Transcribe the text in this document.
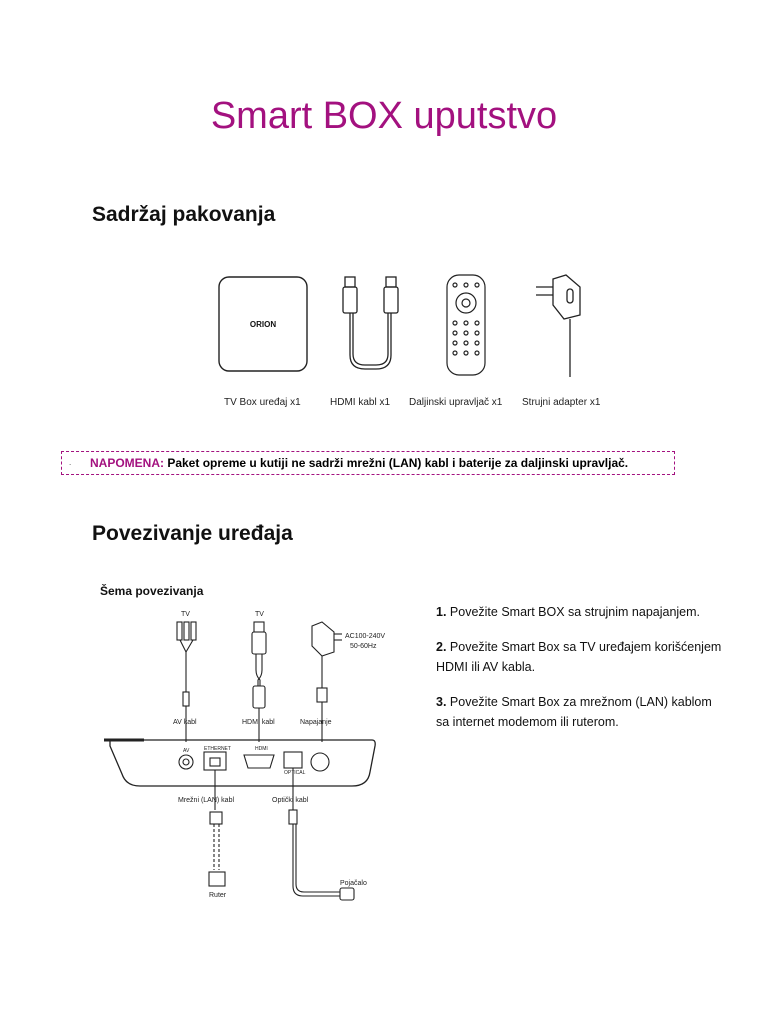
Smart BOX uputstvo
Sadržaj pakovanja
ORION
TV Box uređaj x1	HDMI kabl x1 Daljinski upravljač x1 Strujni adapter x1
.	NAPOMENA: Paket opreme u kutiji ne sadrži mrežni (LAN) kabl i baterije za daljinski upravljač.
Povezivanje uređaja
Šema povezivanja
TV	TV
AC100-240V
50-60Hz
AV kabl	HDMI kabl	Napajanje
AV	ETHERNET	HDMI
OPTICAL
Mrežni (LAN) kabl	Optički kabl
Ruter
Pojačalo

1. Povežite Smart BOX sa strujnim napajanjem.

2. Povežite Smart Box sa TV uređajem korišćenjem HDMI ili AV kabla.

3. Povežite Smart Box za mrežnom (LAN) kablom sa internet modemom ili ruterom.
